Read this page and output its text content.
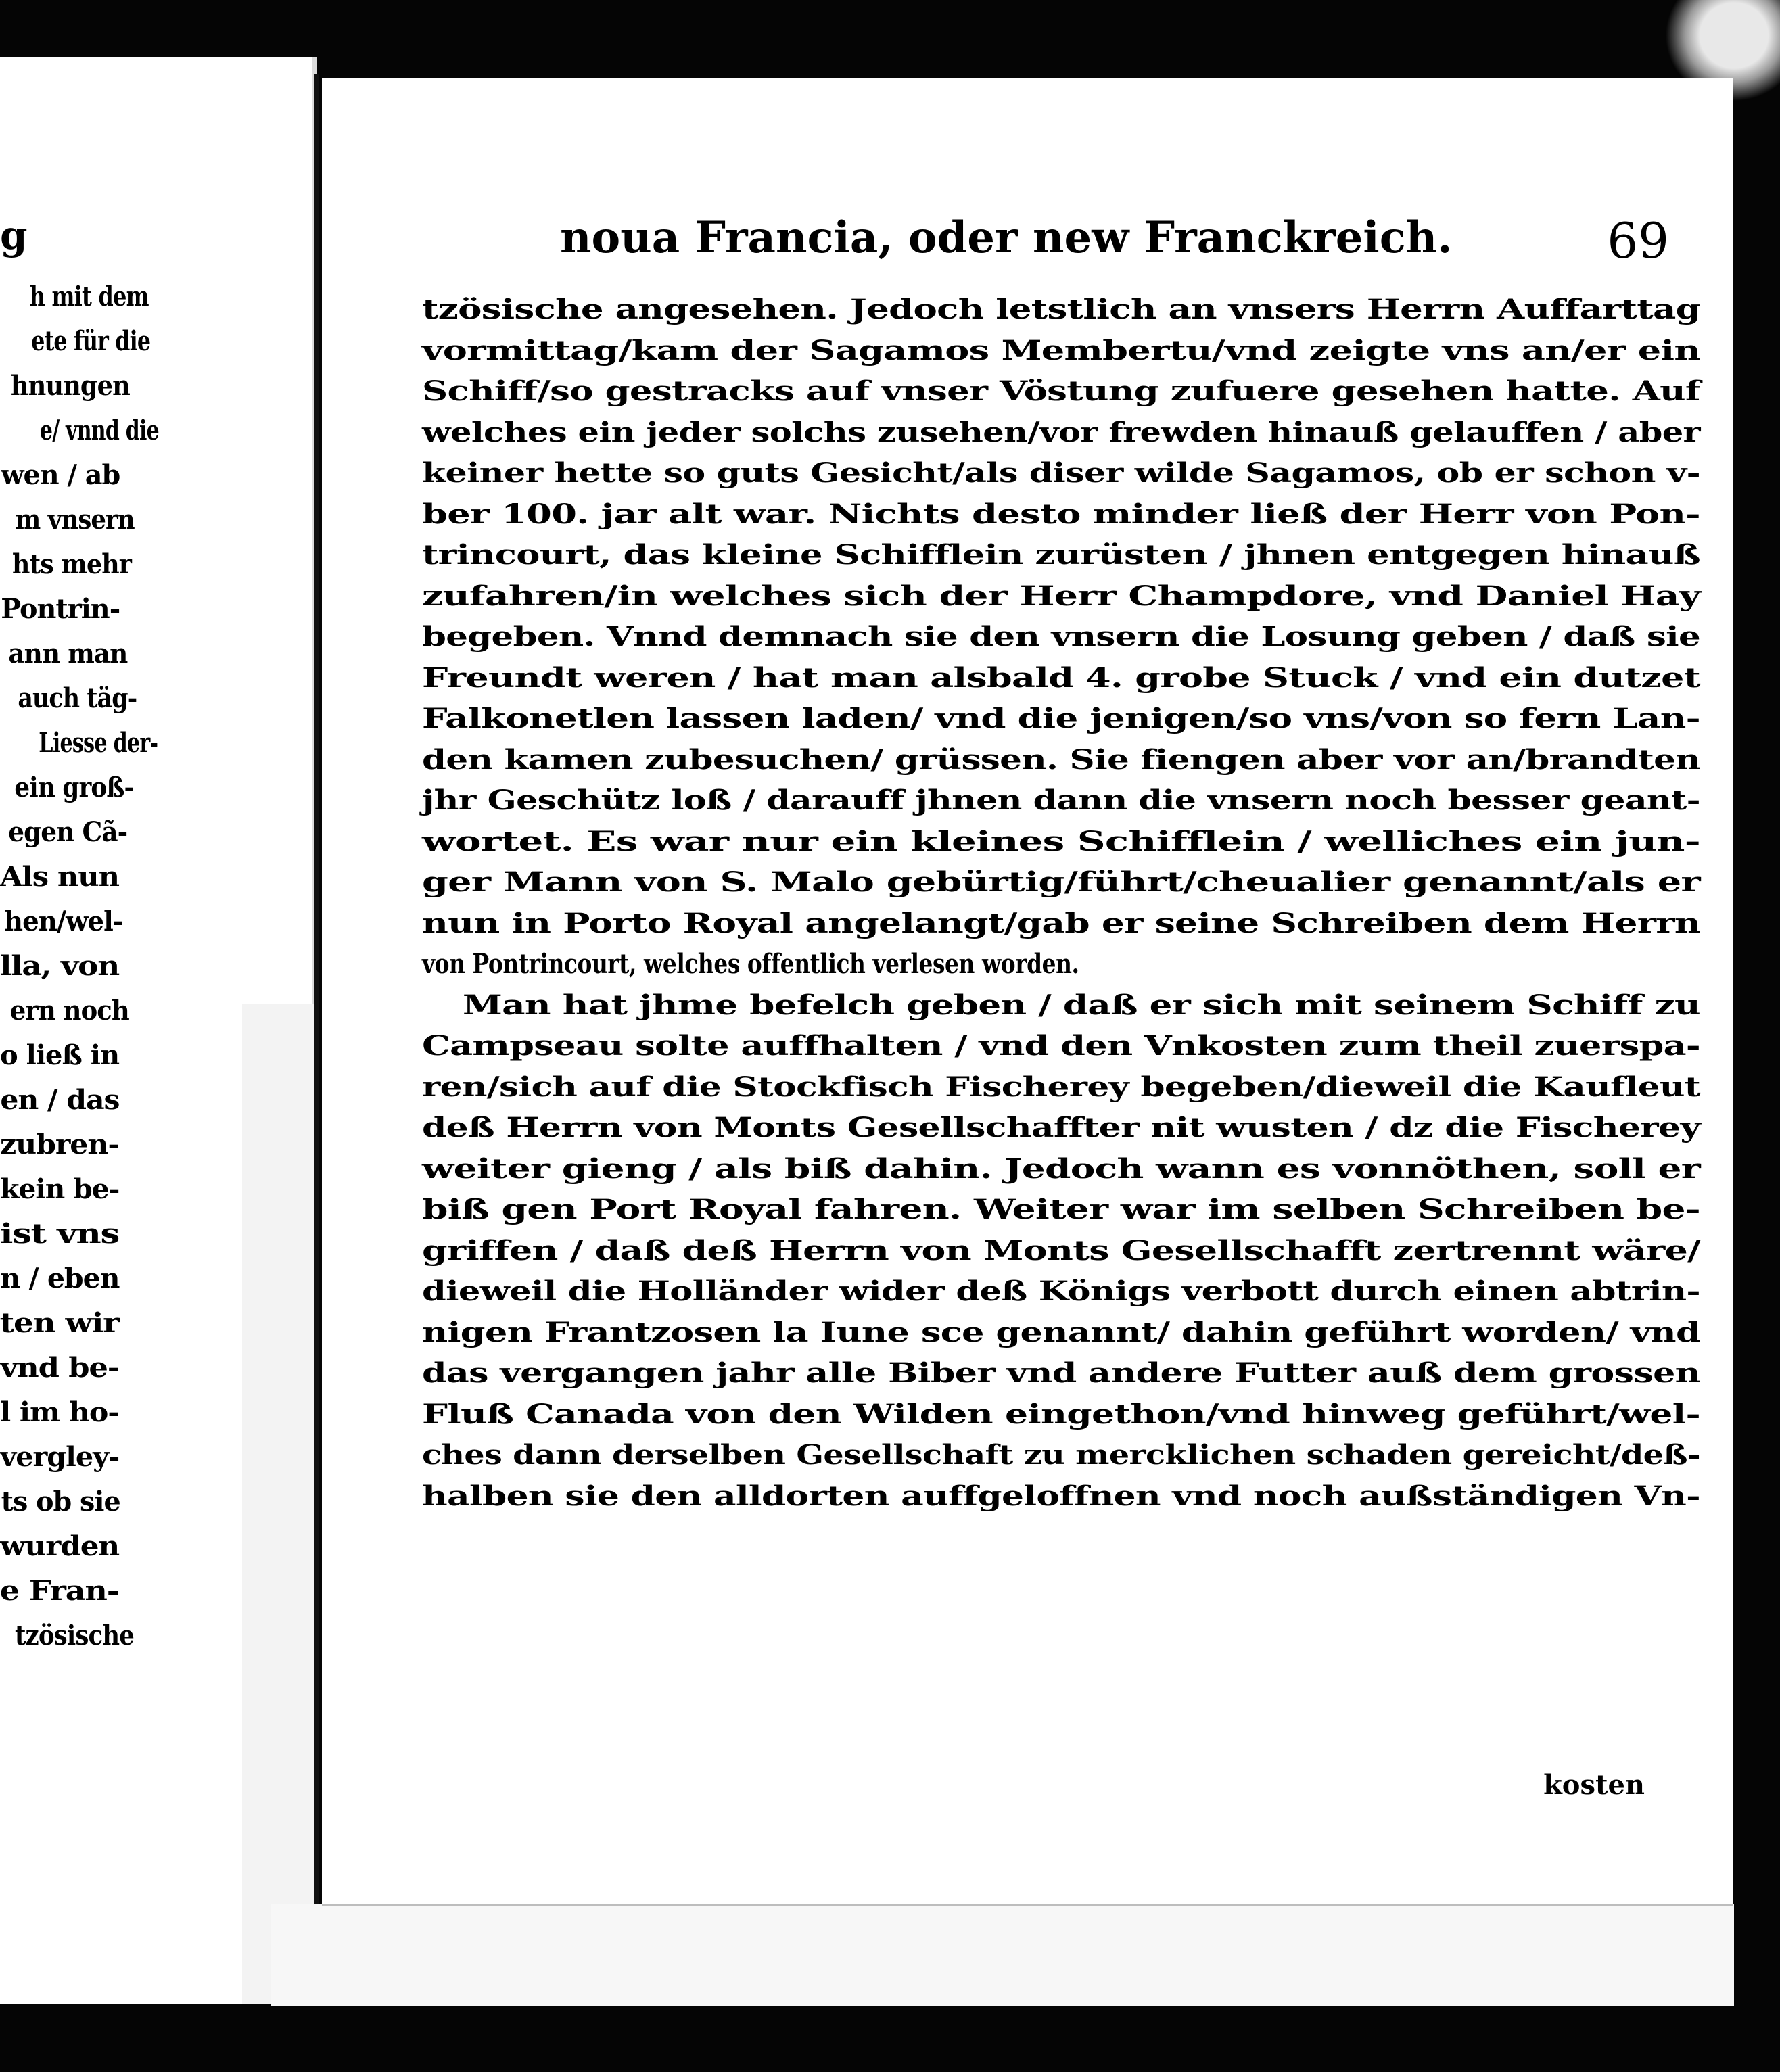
g
h mit dem
ete für die
hnungen
e/ vnnd die
wen / ab
m vnsern
hts mehr
Pontrin-
ann man
auch täg-
Liesse der-
ein groß-
egen Cã-
Als nun
hen/wel-
lla, von
ern noch
o ließ in
en / das
zubren-
kein be-
ist vns
n / eben
ten wir
vnd be-
l im ho-
vergley-
ts ob sie
wurden
e Fran-
tzösische
noua Francia, oder new Franckreich.	69
tzösische angesehen. Jedoch letstlich an vnsers Herrn Auffarttag
vormittag/kam der Sagamos Membertu/vnd zeigte vns an/er ein
Schiff/so gestracks auf vnser Vöstung zufuere gesehen hatte. Auf
welches ein jeder solchs zusehen/vor frewden hinauß gelauffen / aber
keiner hette so guts Gesicht/als diser wilde Sagamos, ob er schon v-
ber 100. jar alt war. Nichts desto minder ließ der Herr von Pon-
trincourt, das kleine Schifflein zurüsten / jhnen entgegen hinauß
zufahren/in welches sich der Herr Champdore, vnd Daniel Hay
begeben. Vnnd demnach sie den vnsern die Losung geben / daß sie
Freundt weren / hat man alsbald 4. grobe Stuck / vnd ein dutzet
Falkonetlen lassen laden/ vnd die jenigen/so vns/von so fern Lan-
den kamen zubesuchen/ grüssen. Sie fiengen aber vor an/brandten
jhr Geschütz loß / darauff jhnen dann die vnsern noch besser geant-
wortet. Es war nur ein kleines Schifflein / welliches ein jun-
ger Mann von S. Malo gebürtig/führt/cheualier genannt/als er
nun in Porto Royal angelangt/gab er seine Schreiben dem Herrn
von Pontrincourt, welches offentlich verlesen worden.
Man hat jhme befelch geben / daß er sich mit seinem Schiff zu
Campseau solte auffhalten / vnd den Vnkosten zum theil zuerspa-
ren/sich auf die Stockfisch Fischerey begeben/dieweil die Kaufleut
deß Herrn von Monts Gesellschaffter nit wusten / dz die Fischerey
weiter gieng / als biß dahin. Jedoch wann es vonnöthen, soll er
biß gen Port Royal fahren. Weiter war im selben Schreiben be-
griffen / daß deß Herrn von Monts Gesellschafft zertrennt wäre/
dieweil die Holländer wider deß Königs verbott durch einen abtrin-
nigen Frantzosen la Iune sce genannt/ dahin geführt worden/ vnd
das vergangen jahr alle Biber vnd andere Futter auß dem grossen
Fluß Canada von den Wilden eingethon/vnd hinweg geführt/wel-
ches dann derselben Gesellschaft zu mercklichen schaden gereicht/deß-
halben sie den alldorten auffgeloffnen vnd noch außständigen Vn-
kosten
